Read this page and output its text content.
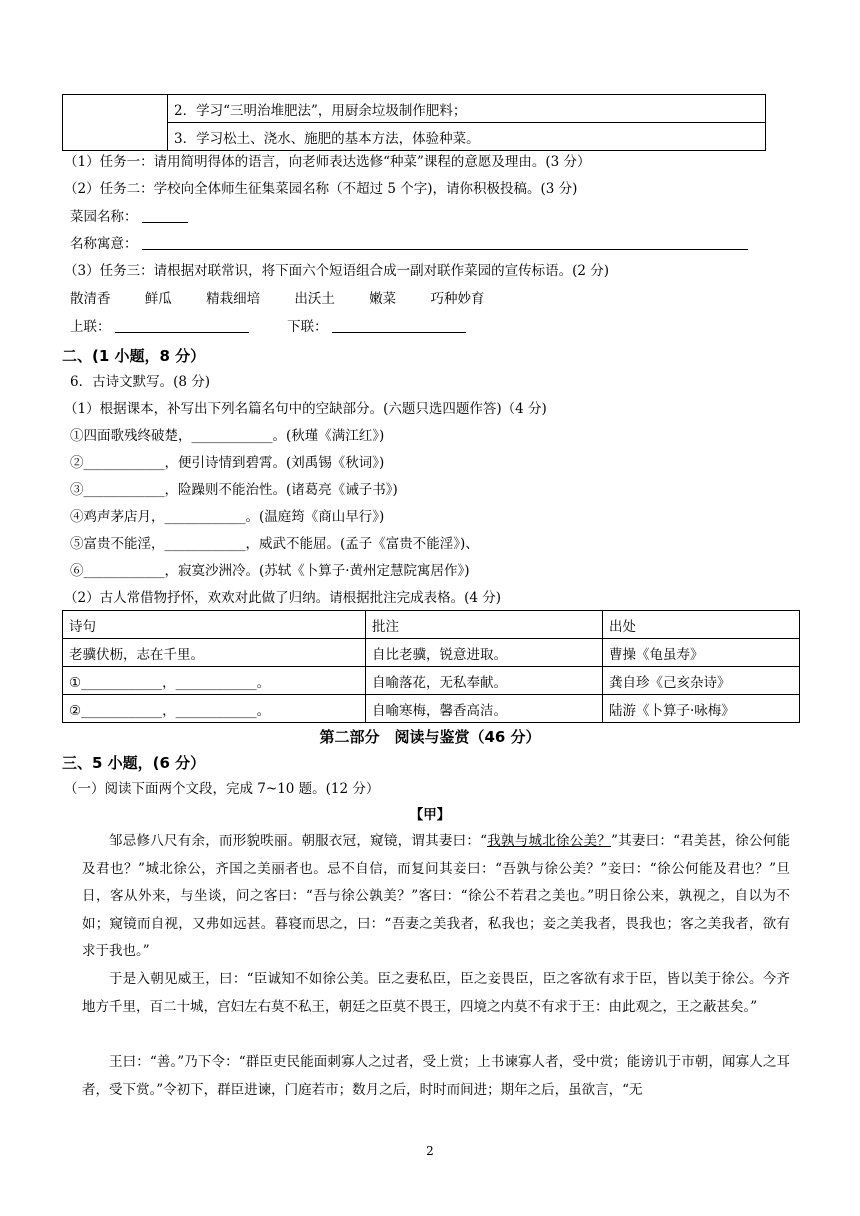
	2．学习“三明治堆肥法”，用厨余垃圾制作肥料；
3．学习松土、浇水、施肥的基本方法，体验种菜。
（1）任务一：请用简明得体的语言，向老师表达选修“种菜”课程的意愿及理由。(3 分）
（2）任务二：学校向全体师生征集菜园名称（不超过 5 个字)，请你积极投稿。(3 分)
菜园名称：
名称寓意：
（3）任务三：请根据对联常识，将下面六个短语组合成一副对联作菜园的宣传标语。(2 分)
散清香	鲜瓜	精栽细培	出沃土	嫩菜	巧种妙育
上联：	下联：
二、(1 小题，8 分）
6．古诗文默写。(8 分)
（1）根据课本，补写出下列名篇名句中的空缺部分。(六题只选四题作答)（4 分)
①四面歌残终破楚，____________。(秋瑾《满江红》)
②____________，便引诗情到碧霄。(刘禹锡《秋词》)
③____________，险躁则不能治性。(诸葛亮《诫子书》)
④鸡声茅店月，____________。(温庭筠《商山早行》)
⑤富贵不能淫，____________，威武不能屈。(孟子《富贵不能淫》)、
⑥____________，寂寞沙洲冷。(苏轼《卜算子·黄州定慧院寓居作》)
（2）古人常借物抒怀，欢欢对此做了归纳。请根据批注完成表格。(4 分)
诗句	批注	出处
老骥伏枥，志在千里。	自比老骥，锐意进取。	曹操《龟虽寿》
①____________，____________。	自喻落花，无私奉献。	龚自珍《己亥杂诗》
②____________，____________。	自喻寒梅，馨香高洁。	陆游《卜算子·咏梅》
第二部分　阅读与鉴赏（46 分）
三、5 小题，(6 分）
（一）阅读下面两个文段，完成 7~10 题。(12 分）
【甲】
邹忌修八尺有余，而形貌昳丽。朝服衣冠，窥镜，谓其妻曰：“我孰与城北徐公美？”其妻曰：“君美甚，徐公何能及君也？”城北徐公，齐国之美丽者也。忌不自信，而复问其妾曰：“吾孰与徐公美？”妾曰：“徐公何能及君也？”旦日，客从外来，与坐谈，问之客曰：“吾与徐公孰美？”客曰：“徐公不若君之美也。”明日徐公来，孰视之，自以为不如；窥镜而自视，又弗如远甚。暮寝而思之，曰：“吾妻之美我者，私我也；妾之美我者，畏我也；客之美我者，欲有求于我也。”
于是入朝见威王，曰：“臣诚知不如徐公美。臣之妻私臣，臣之妾畏臣，臣之客欲有求于臣，皆以美于徐公。今齐地方千里，百二十城，宫妇左右莫不私王，朝廷之臣莫不畏王，四境之内莫不有求于王：由此观之，王之蔽甚矣。”
王曰：“善。”乃下令：“群臣吏民能面刺寡人之过者，受上赏；上书谏寡人者，受中赏；能谤讥于市朝，闻寡人之耳者，受下赏。”令初下，群臣进谏，门庭若市；数月之后，时时而间进；期年之后，虽欲言，“无
2
